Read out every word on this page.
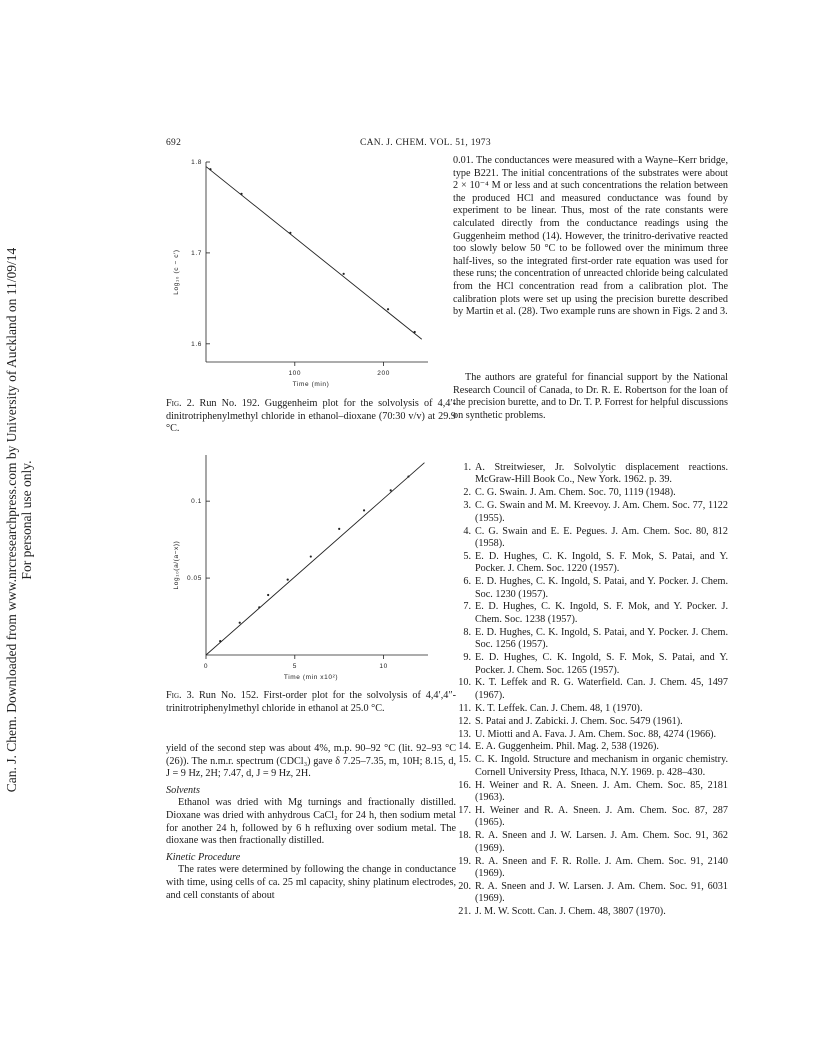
Can. J. Chem. Downloaded from www.nrcresearchpress.com by University of Auckland on 11/09/14 For personal use only.
692	CAN. J. CHEM. VOL. 51, 1973
100	200
1.6
1.7
1.8
Log₁₀ (c − c′)
Time (min)
Fig. 2. Run No. 192. Guggenheim plot for the solvolysis of 4,4′-dinitrotriphenylmethyl chloride in ethanol–dioxane (70:30 v/v) at 29.9 °C.
0	5	10
0.05
0.1
Log₁₀(a/(a−x))
Time (min x10²)
Fig. 3. Run No. 152. First-order plot for the solvolysis of 4,4′,4″-trinitrotriphenylmethyl chloride in ethanol at 25.0 °C.

yield of the second step was about 4%, m.p. 90–92 °C (lit. 92–93 °C (26)). The n.m.r. spectrum (CDCl₃) gave δ 7.25–7.35, m, 10H; 8.15, d, J = 9 Hz, 2H; 7.47, d, J = 9 Hz, 2H.

Solvents

Ethanol was dried with Mg turnings and fractionally distilled. Dioxane was dried with anhydrous CaCl₂ for 24 h, then sodium metal for another 24 h, followed by 6 h refluxing over sodium metal. The dioxane was then fractionally distilled.

Kinetic Procedure

The rates were determined by following the change in conductance with time, using cells of ca. 25 ml capacity, shiny platinum electrodes, and cell constants of about

0.01. The conductances were measured with a Wayne–Kerr bridge, type B221. The initial concentrations of the substrates were about 2 × 10⁻⁴ M or less and at such concentrations the relation between the produced HCl and measured conductance was found by experiment to be linear. Thus, most of the rate constants were calculated directly from the conductance readings using the Guggenheim method (14). However, the trinitro-derivative reacted too slowly below 50 °C to be followed over the minimum three half-lives, so the integrated first-order rate equation was used for these runs; the concentration of unreacted chloride being calculated from the HCl concentration read from a calibration plot. The calibration plots were set up using the precision burette described by Martin et al. (28). Two example runs are shown in Figs. 2 and 3.

The authors are grateful for financial support by the National Research Council of Canada, to Dr. R. E. Robertson for the loan of the precision burette, and to Dr. T. P. Forrest for helpful discussions on synthetic problems.

1. A. Streitwieser, Jr. Solvolytic displacement reactions. McGraw-Hill Book Co., New York. 1962. p. 39.
2. C. G. Swain. J. Am. Chem. Soc. 70, 1119 (1948).
3. C. G. Swain and M. M. Kreevoy. J. Am. Chem. Soc. 77, 1122 (1955).
4. C. G. Swain and E. E. Pegues. J. Am. Chem. Soc. 80, 812 (1958).
5. E. D. Hughes, C. K. Ingold, S. F. Mok, S. Patai, and Y. Pocker. J. Chem. Soc. 1220 (1957).
6. E. D. Hughes, C. K. Ingold, S. Patai, and Y. Pocker. J. Chem. Soc. 1230 (1957).
7. E. D. Hughes, C. K. Ingold, S. F. Mok, and Y. Pocker. J. Chem. Soc. 1238 (1957).
8. E. D. Hughes, C. K. Ingold, S. Patai, and Y. Pocker. J. Chem. Soc. 1256 (1957).
9. E. D. Hughes, C. K. Ingold, S. F. Mok, S. Patai, and Y. Pocker. J. Chem. Soc. 1265 (1957).
10. K. T. Leffek and R. G. Waterfield. Can. J. Chem. 45, 1497 (1967).
11. K. T. Leffek. Can. J. Chem. 48, 1 (1970).
12. S. Patai and J. Zabicki. J. Chem. Soc. 5479 (1961).
13. U. Miotti and A. Fava. J. Am. Chem. Soc. 88, 4274 (1966).
14. E. A. Guggenheim. Phil. Mag. 2, 538 (1926).
15. C. K. Ingold. Structure and mechanism in organic chemistry. Cornell University Press, Ithaca, N.Y. 1969. p. 428–430.
16. H. Weiner and R. A. Sneen. J. Am. Chem. Soc. 85, 2181 (1963).
17. H. Weiner and R. A. Sneen. J. Am. Chem. Soc. 87, 287 (1965).
18. R. A. Sneen and J. W. Larsen. J. Am. Chem. Soc. 91, 362 (1969).
19. R. A. Sneen and F. R. Rolle. J. Am. Chem. Soc. 91, 2140 (1969).
20. R. A. Sneen and J. W. Larsen. J. Am. Chem. Soc. 91, 6031 (1969).
21. J. M. W. Scott. Can. J. Chem. 48, 3807 (1970).
